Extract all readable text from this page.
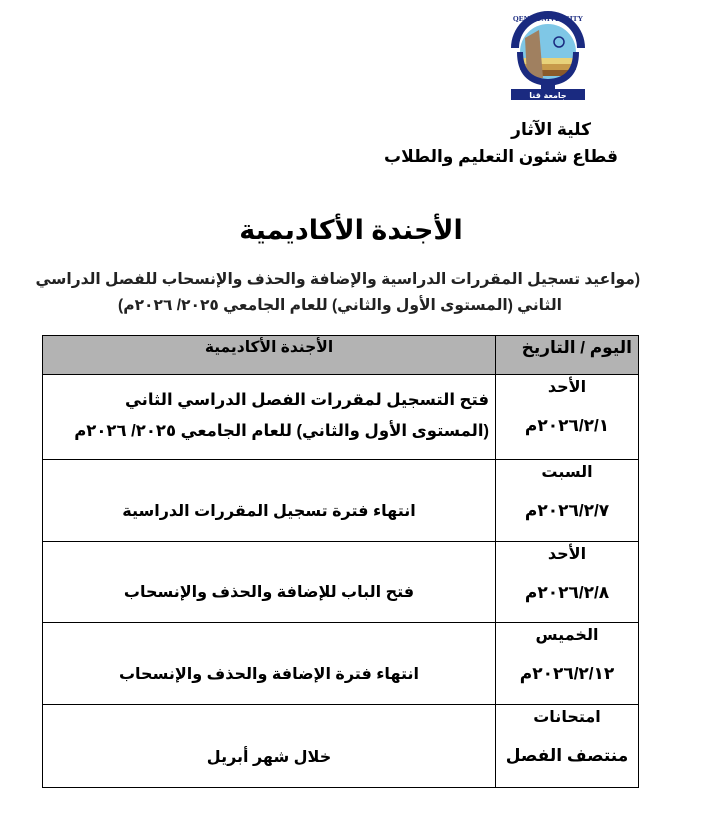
جامعة قنا
QENA UNIVERSITY
كلية الآثار
قطاع شئون التعليم والطلاب
الأجندة الأكاديمية
(مواعيد تسجيل المقررات الدراسية والإضافة والحذف والإنسحاب للفصل الدراسي
الثاني (المستوى الأول والثاني) للعام الجامعي ٢٠٢٥/ ٢٠٢٦م)
اليوم / التاريخ	الأجندة الأكاديمية

الأحد
٢٠٢٦/٢/١م	فتح التسجيل لمقررات الفصل الدراسي الثاني (المستوى الأول والثاني) للعام الجامعي ٢٠٢٥/ ٢٠٢٦م

السبت
٢٠٢٦/٢/٧م	انتهاء فترة تسجيل المقررات الدراسية

الأحد
٢٠٢٦/٢/٨م	فتح الباب للإضافة والحذف والإنسحاب

الخميس
٢٠٢٦/٢/١٢م	انتهاء فترة الإضافة والحذف والإنسحاب

امتحانات
منتصف الفصل	خلال شهر أبريل
